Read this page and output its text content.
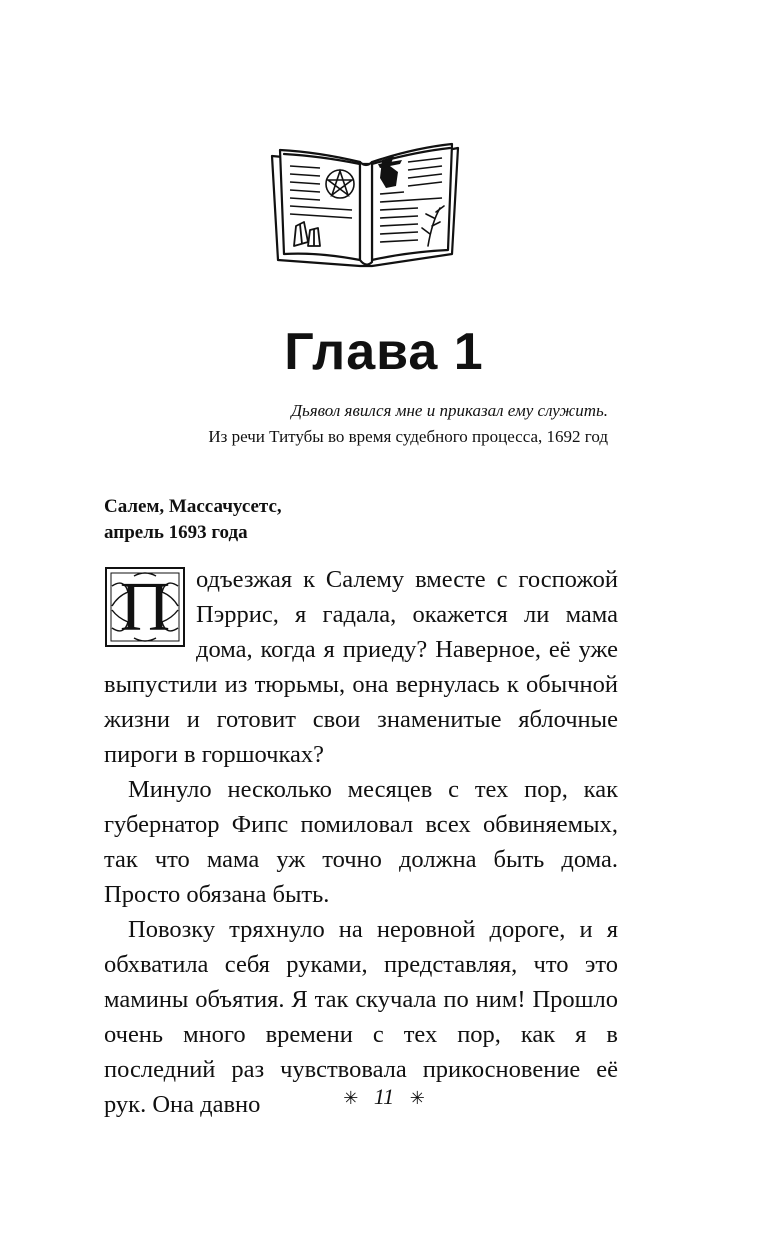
Глава 1
Дьявол явился мне и приказал ему служить.
Из речи Титубы во время судебного процесса, 1692 год
Салем, Массачусетс,
апрель 1693 года

П	одъезжая к Салему вместе с госпожой Пэррис, я гадала, окажется ли мама дома, когда я приеду? Наверное, её уже выпустили из тюрьмы, она вернулась к обычной жизни и готовит свои знаменитые яблочные пироги в горшочках?

Минуло несколько месяцев с тех пор, как губернатор Фипс помиловал всех обвиняемых, так что мама уж точно должна быть дома. Просто обязана быть.

Повозку тряхнуло на неровной дороге, и я обхватила себя руками, представляя, что это мамины объятия. Я так скучала по ним! Прошло очень много времени с тех пор, как я в последний раз чувствовала прикосновение её рук. Она давно	✳ 11 ✳
